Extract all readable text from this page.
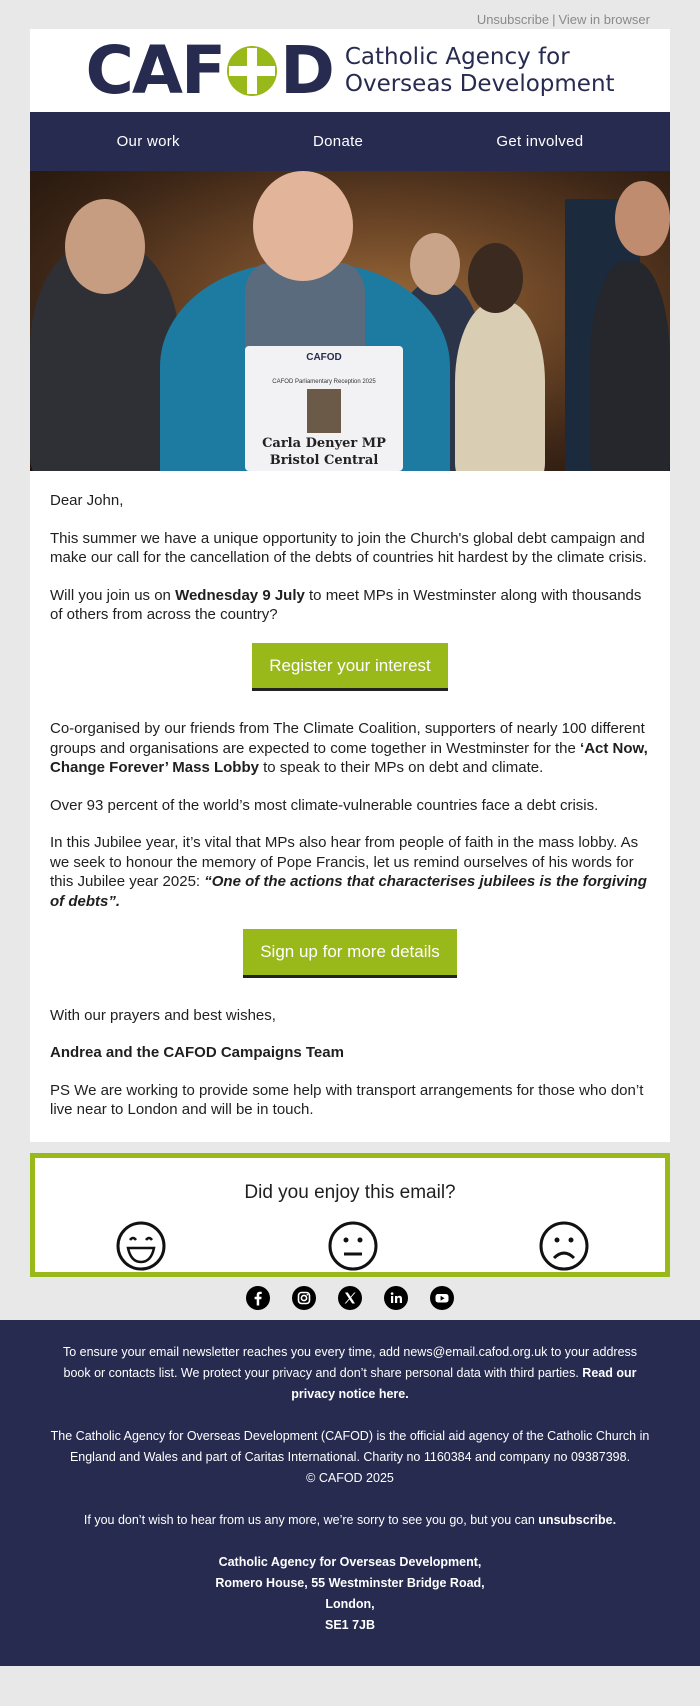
Unsubscribe | View in browser
CAF D Catholic Agency for
Overseas Development
Our work	Donate	Get involved
CAFOD
CAFOD Parliamentary Reception 2025
Carla Denyer MP
Bristol Central

Dear John,

This summer we have a unique opportunity to join the Church's global debt campaign and make our call for the cancellation of the debts of countries hit hardest by the climate crisis.

Will you join us on Wednesday 9 July to meet MPs in Westminster along with thousands of others from across the country?

Register your interest

Co-organised by our friends from The Climate Coalition, supporters of nearly 100 different groups and organisations are expected to come together in Westminster for the ‘Act Now, Change Forever’ Mass Lobby to speak to their MPs on debt and climate.

Over 93 percent of the world’s most climate-vulnerable countries face a debt crisis.

In this Jubilee year, it’s vital that MPs also hear from people of faith in the mass lobby. As we seek to honour the memory of Pope Francis, let us remind ourselves of his words for this Jubilee year 2025: “One of the actions that characterises jubilees is the forgiving of debts”.

Sign up for more details

With our prayers and best wishes,

Andrea and the CAFOD Campaigns Team

PS We are working to provide some help with transport arrangements for those who don’t live near to London and will be in touch.

Did you enjoy this email?

To ensure your email newsletter reaches you every time, add news@email.cafod.org.uk to your address book or contacts list. We protect your privacy and don’t share personal data with third parties. Read our privacy notice here.

The Catholic Agency for Overseas Development (CAFOD) is the official aid agency of the Catholic Church in England and Wales and part of Caritas International. Charity no 1160384 and company no 09387398.
© CAFOD 2025

If you don’t wish to hear from us any more, we’re sorry to see you go, but you can unsubscribe.

Catholic Agency for Overseas Development,

Romero House, 55 Westminster Bridge Road,

London,

SE1 7JB
